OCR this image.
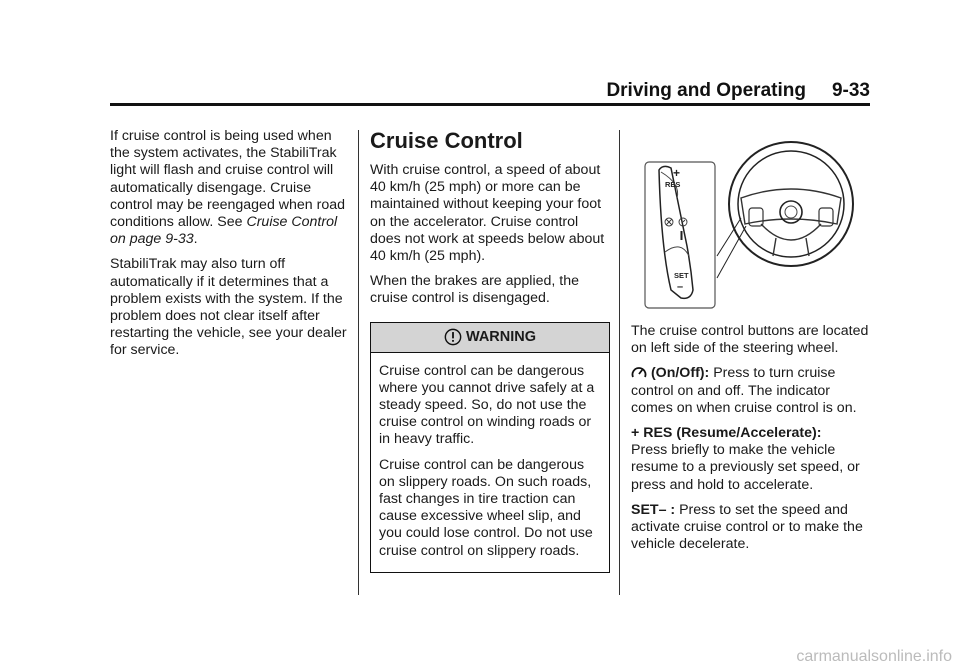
Driving and Operating 9-33

If cruise control is being used when the system activates, the StabiliTrak light will flash and cruise control will automatically disengage. Cruise control may be reengaged when road conditions allow. See Cruise Control on page 9-33.

StabiliTrak may also turn off automatically if it determines that a problem exists with the system. If the problem does not clear itself after restarting the vehicle, see your dealer for service.

Cruise Control

With cruise control, a speed of about 40 km/h (25 mph) or more can be maintained without keeping your foot on the accelerator. Cruise control does not work at speeds below about 40 km/h (25 mph).

When the brakes are applied, the cruise control is disengaged.

WARNING

Cruise control can be dangerous where you cannot drive safely at a steady speed. So, do not use the cruise control on winding roads or in heavy traffic.

Cruise control can be dangerous on slippery roads. On such roads, fast changes in tire traction can cause excessive wheel slip, and you could lose control. Do not use cruise control on slippery roads.

+
RES
SET
–

The cruise control buttons are located on left side of the steering wheel.

(On/Off): Press to turn cruise control on and off. The indicator comes on when cruise control is on.

+ RES (Resume/Accelerate):
Press briefly to make the vehicle resume to a previously set speed, or press and hold to accelerate.

SET– : Press to set the speed and activate cruise control or to make the vehicle decelerate.

carmanualsonline.info
